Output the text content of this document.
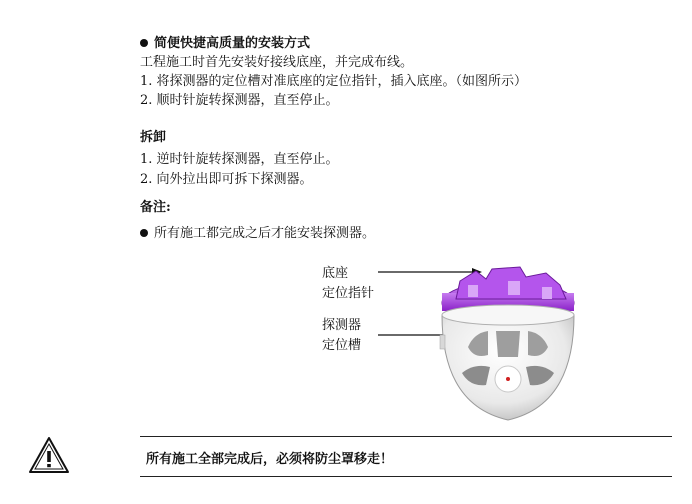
简便快捷高质量的安装方式
工程施工时首先安装好接线底座，并完成布线。
1. 将探测器的定位槽对准底座的定位指针，插入底座。（如图所示）
2. 顺时针旋转探测器，直至停止。
拆卸
1. 逆时针旋转探测器，直至停止。
2. 向外拉出即可拆下探测器。
备注:
所有施工都完成之后才能安装探测器。
底座
定位指针
探测器
定位槽
所有施工全部完成后，必须将防尘罩移走！
